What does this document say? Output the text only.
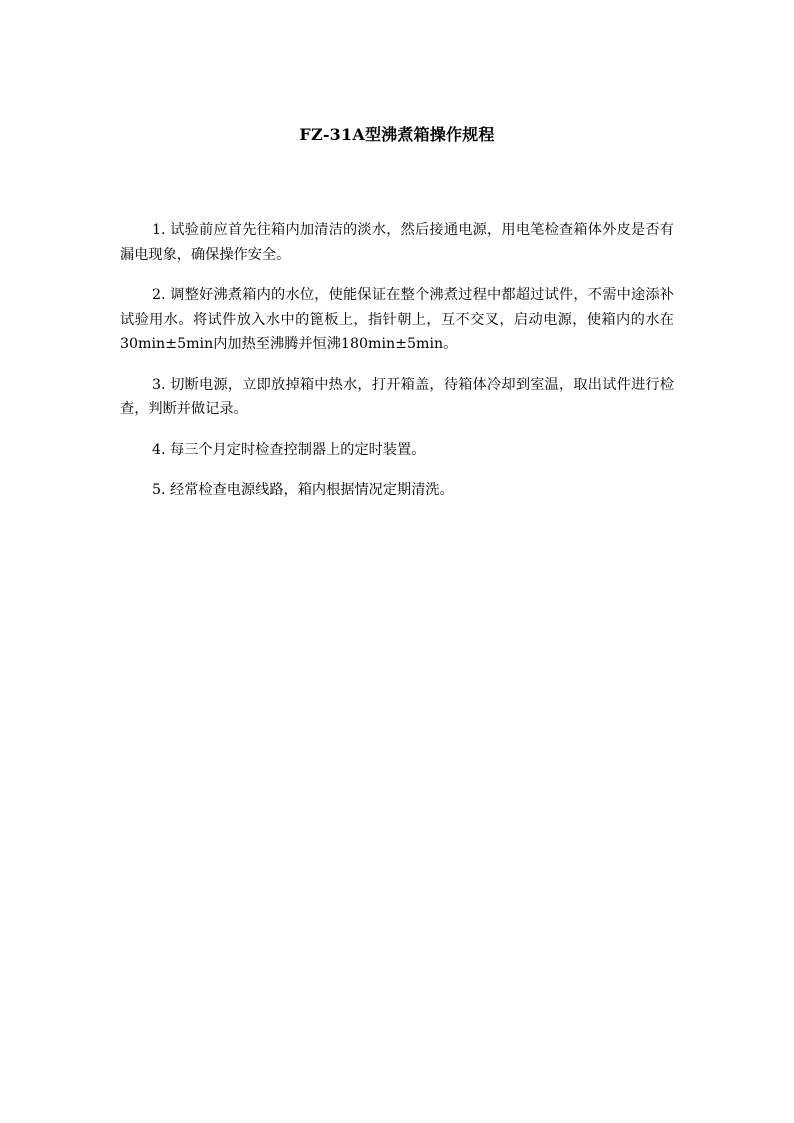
FZ-31A型沸煮箱操作规程

1. 试验前应首先往箱内加清洁的淡水，然后接通电源，用电笔检查箱体外皮是否有漏电现象，确保操作安全。

2. 调整好沸煮箱内的水位，使能保证在整个沸煮过程中都超过试件，不需中途添补试验用水。将试件放入水中的篦板上，指针朝上，互不交叉，启动电源，使箱内的水在30min±5min内加热至沸腾并恒沸180min±5min。

3. 切断电源，立即放掉箱中热水，打开箱盖，待箱体冷却到室温，取出试件进行检查，判断并做记录。

4. 每三个月定时检查控制器上的定时装置。

5. 经常检查电源线路，箱内根据情况定期清洗。
